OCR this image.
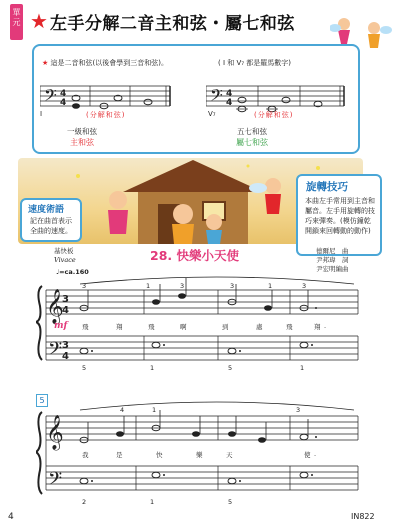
單元 ★ 左手分解二音主和弦・屬七和弦
★ 這是二音和弦(以後會學到三音和弦)。	( I 和 V₇ 都是羅馬數字)
𝄢 4
4
I	(分解和弦)
一級和弦
主和弦
𝄢 4
4
V₇	(分解和弦)
五七和弦
屬七和弦
速度術語
記在曲首表示全曲的速度。
旋轉技巧
本曲左手常用到主音和屬音。左手用旋轉的技巧來彈奏。(模仿鐘乾開鎖來回轉動的動作)
基快板
Vivace
♩=ca.160
28. 快樂小天使	德爾尼　曲
尹邦瑋　詞
尹宏明編曲
𝄞
𝄢
3
4
3
4
3	1	3	3	1	3
mf 飛	翔	飛	啊	到	處	飛	翔 .
5	1	5	1
5
𝄞
𝄢
4	1	3
我	是	快	樂	天	使 .
2	1	5
4	IN822
